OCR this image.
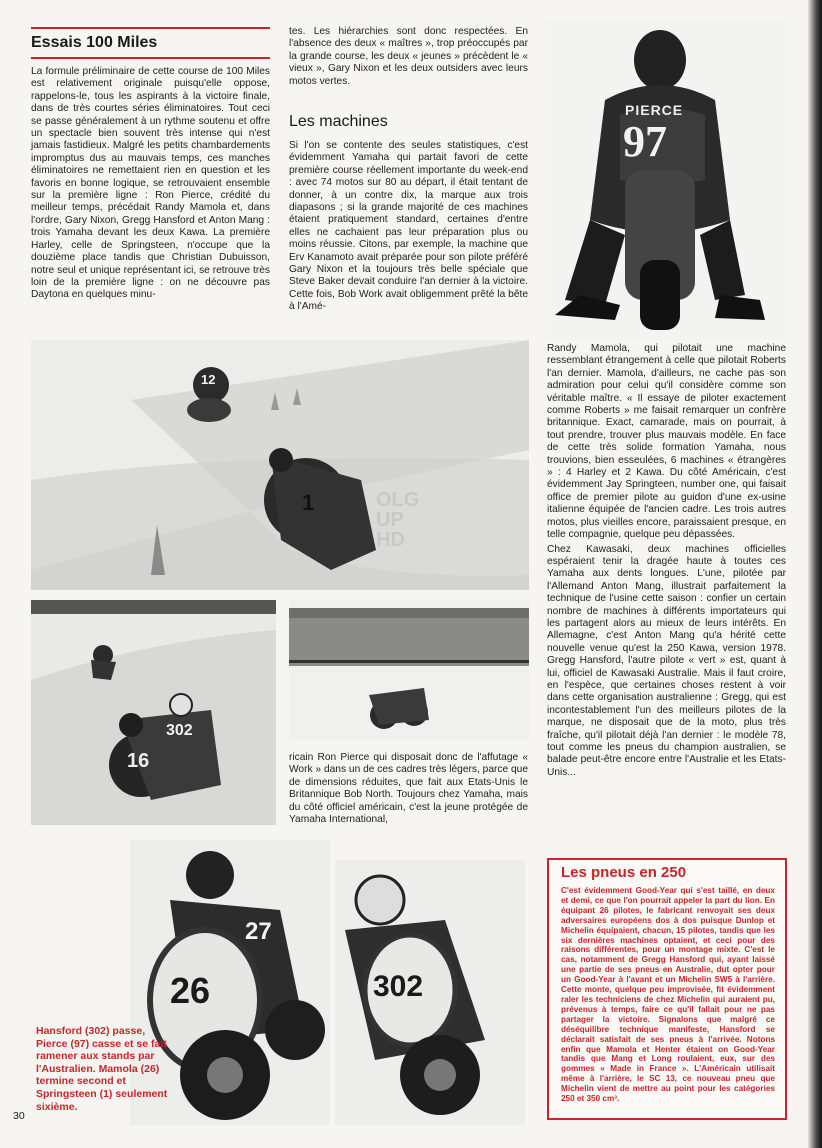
Essais 100 Miles
La formule préliminaire de cette course de 100 Miles est relativement originale puisqu'elle oppose, rappelons-le, tous les aspirants à la victoire finale, dans de très courtes séries éliminatoires. Tout ceci se passe généralement à un rythme soutenu et offre un spectacle bien souvent très intense qui n'est jamais fastidieux. Malgré les petits chambardements impromptus dus au mauvais temps, ces manches éliminatoires ne remettaient rien en question et les favoris en bonne logique, se retrouvaient ensemble sur la première ligne : Ron Pierce, crédité du meilleur temps, précédait Randy Mamola et, dans l'ordre, Gary Nixon, Gregg Hansford et Anton Mang : trois Yamaha devant les deux Kawa. La première Harley, celle de Springsteen, n'occupe que la douzième place tandis que Christian Dubuisson, notre seul et unique représentant ici, se retrouve très loin de la première ligne : on ne découvre pas Daytona en quelques minu-
tes. Les hiérarchies sont donc respectées. En l'absence des deux « maîtres », trop préoccupés par la grande course, les deux « jeunes » précèdent le « vieux », Gary Nixon et les deux outsiders avec leurs motos vertes.
Les machines
Si l'on se contente des seules statistiques, c'est évidemment Yamaha qui partait favori de cette première course réellement importante du week-end : avec 74 motos sur 80 au départ, il était tentant de donner, à un contre dix, la marque aux trois diapasons ; si la grande majorité de ces machines étaient pratiquement standard, certaines d'entre elles ne cachaient pas leur préparation plus ou moins réussie. Citons, par exemple, la machine que Erv Kanamoto avait préparée pour son pilote préféré Gary Nixon et la toujours très belle spéciale que Steve Baker devait conduire l'an dernier à la victoire. Cette fois, Bob Work avait obligemment prêté la bête à l'Amé-
PIERCE
97
12
1	OLG UP HD

Randy Mamola, qui pilotait une machine ressemblant étrangement à celle que pilotait Roberts l'an dernier. Mamola, d'ailleurs, ne cache pas son admiration pour celui qu'il considère comme son véritable maître. « Il essaye de piloter exactement comme Roberts » me faisait remarquer un confrère britannique. Exact, camarade, mais on pourrait, à tout prendre, trouver plus mauvais modèle. En face de cette très solide formation Yamaha, nous trouvions, bien esseulées, 6 machines « étrangères » : 4 Harley et 2 Kawa. Du côté Américain, c'est évidemment Jay Springteen, number one, qui faisait office de premier pilote au guidon d'une ex-usine italienne équipée de l'ancien cadre. Les trois autres motos, plus vieilles encore, paraissaient presque, en telle compagnie, quelque peu dépassées.

Chez Kawasaki, deux machines officielles espéraient tenir la dragée haute à toutes ces Yamaha aux dents longues. L'une, pilotée par l'Allemand Anton Mang, illustrait parfaitement la technique de l'usine cette saison : confier un certain nombre de machines à différents importateurs qui les partagent alors au mieux de leurs intérêts. En Allemagne, c'est Anton Mang qu'a hérité cette nouvelle venue qu'est la 250 Kawa, version 1978. Gregg Hansford, l'autre pilote « vert » est, quant à lui, officiel de Kawasaki Australie. Mais il faut croire, en l'espèce, que certaines choses restent à voir dans cette organisation australienne : Gregg, qui est incontestablement l'un des meilleurs pilotes de la marque, ne disposait que de la moto, plus très fraîche, qu'il pilotait déjà l'an dernier : le modèle 78, tout comme les pneus du champion australien, se balade peut-être encore entre l'Australie et les Etats-Unis...

16
302
ricain Ron Pierce qui disposait donc de l'affutage « Work » dans un de ces cadres très légers, parce que de dimensions réduites, que fait aux Etats-Unis le Britannique Bob North. Toujours chez Yamaha, mais du côté officiel américain, c'est la jeune protégée de Yamaha International,
26
27
302
Hansford (302) passe, Pierce (97) casse et se fait ramener aux stands par l'Australien. Mamola (26) termine second et Springsteen (1) seulement sixième.
30
Les pneus en 250
C'est évidemment Good-Year qui s'est taillé, en deux et demi, ce que l'on pourrait appeler la part du lion. En équipant 26 pilotes, le fabricant renvoyait ses deux adversaires européens dos à dos puisque Dunlop et Michelin équipaient, chacun, 15 pilotes, tandis que les six dernières machines optaient, et ceci pour des raisons différentes, pour un montage mixte. C'est le cas, notamment de Gregg Hansford qui, ayant laissé une partie de ses pneus en Australie, dut opter pour un Good-Year à l'avant et un Michelin SW5 à l'arrière. Cette monte, quelque peu improvisée, fit évidemment raler les techniciens de chez Michelin qui auraient pu, prévenus à temps, faire ce qu'il fallait pour ne pas partager la victoire. Signalons que malgré ce déséquilibre technique manifeste, Hansford se déclarait satisfait de ses pneus à l'arrivée. Notons enfin que Mamola et Henter étaient on Good-Year tandis que Mang et Long roulaient, eux, sur des gommes « Made in France ». L'Américain utilisait même à l'arrière, le SC 13, ce nouveau pneu que Michelin vient de mettre au point pour les catégories 250 et 350 cm³.
